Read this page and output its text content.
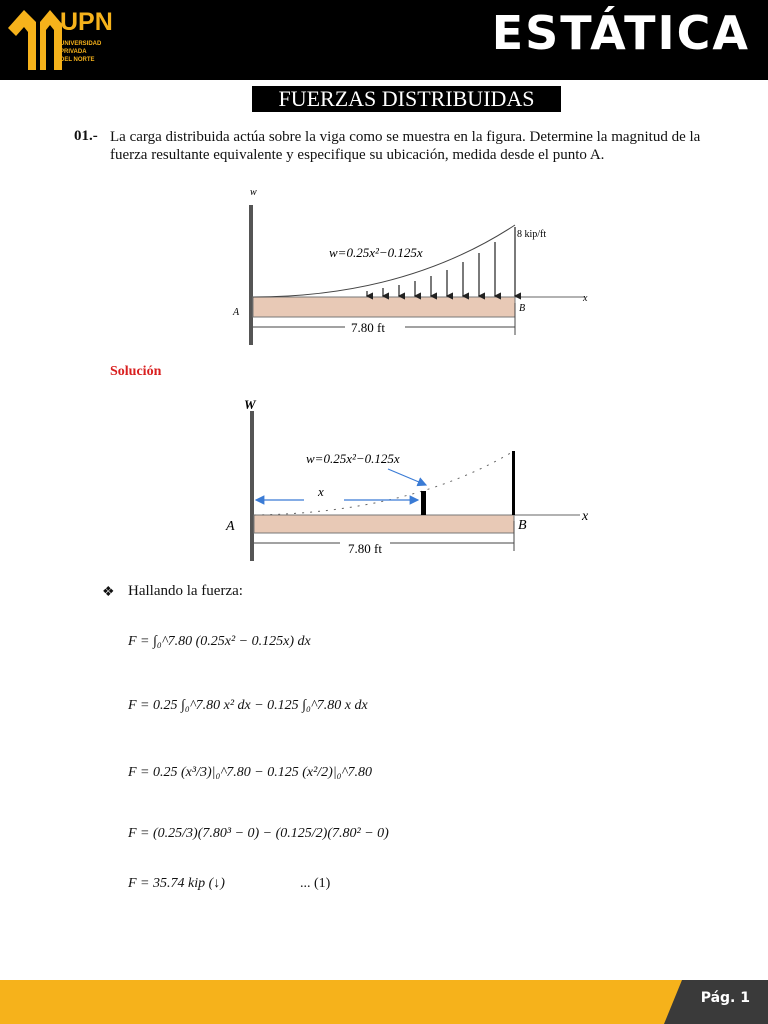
UPN
UNIVERSIDAD
PRIVADA
DEL NORTE	ESTÁTICA
FUERZAS DISTRIBUIDAS
01.- La carga distribuida actúa sobre la viga como se muestra en la figura. Determine la magnitud de la fuerza resultante equivalente y especifique su ubicación, medida desde el punto A.
w
8 kip/ft
w=0.25x²−0.125x
A	B
x
7.80 ft
Solución
W
w=0.25x²−0.125x
x
A	B
x
7.80 ft
❖ Hallando la fuerza:
F = ∫₀^7.80 (0.25x² − 0.125x) dx
F = 0.25 ∫₀^7.80 x² dx − 0.125 ∫₀^7.80 x dx
F = 0.25 (x³/3)|₀^7.80 − 0.125 (x²/2)|₀^7.80
F = (0.25/3)(7.80³ − 0) − (0.125/2)(7.80² − 0)
F = 35.74 kip (↓)	... (1)
Pág. 1
